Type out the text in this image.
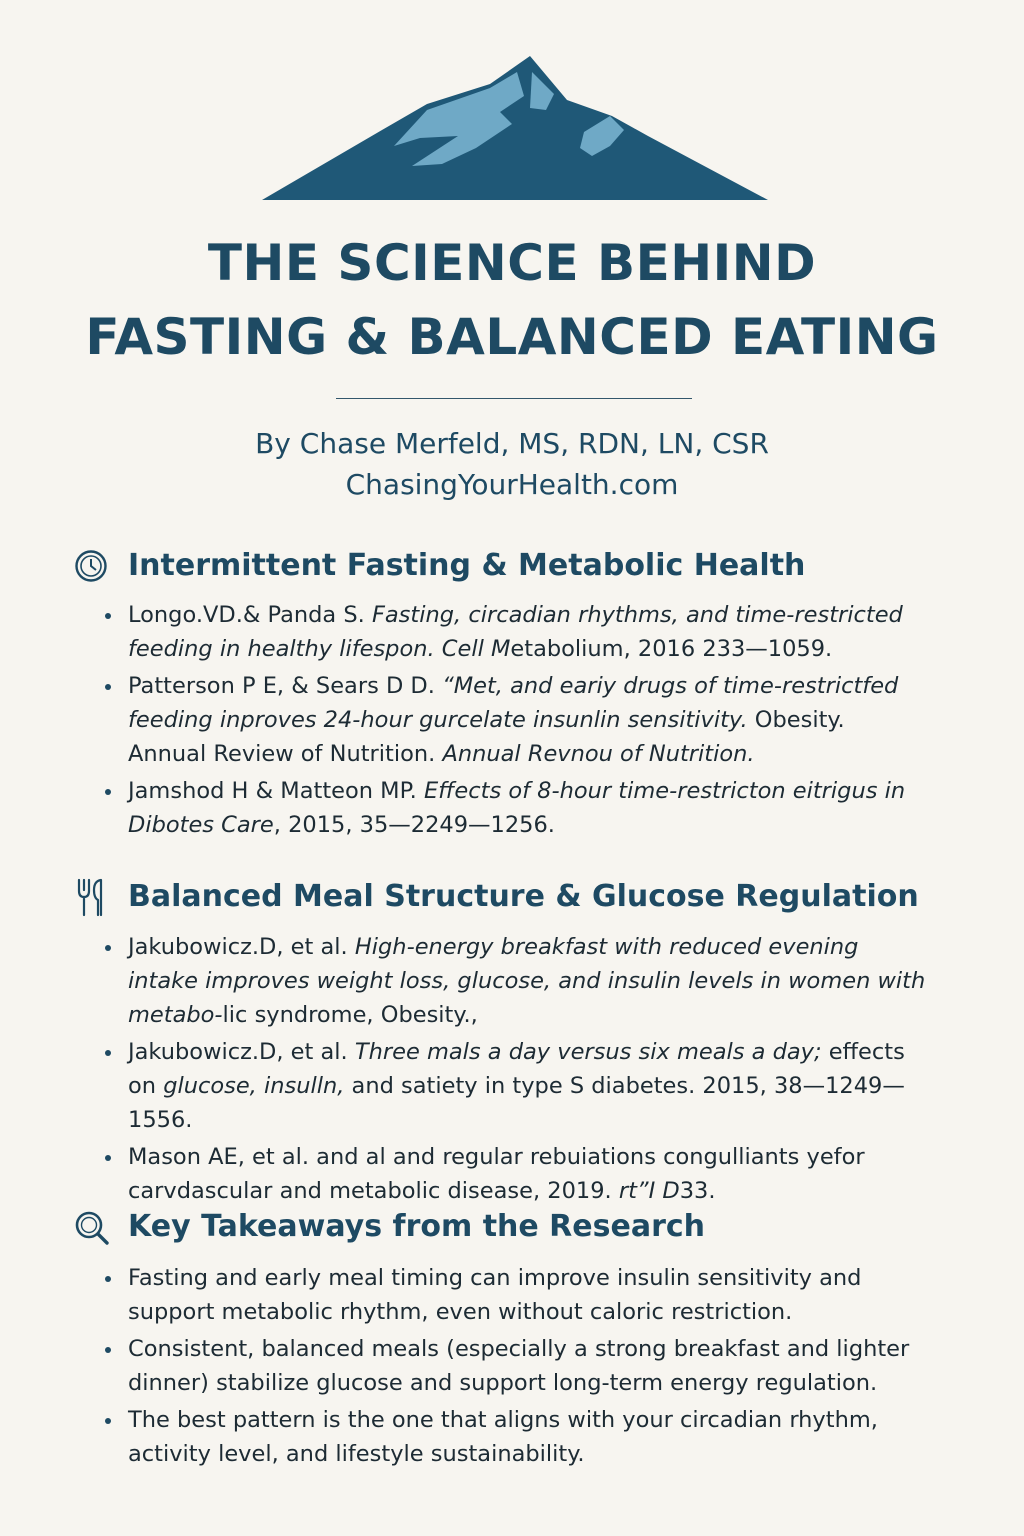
THE SCIENCE BEHIND
FASTING & BALANCED EATING
By Chase Merfeld, MS, RDN, LN, CSR
ChasingYourHealth.com
Intermittent Fasting & Metabolic Health
Longo.VD.& Panda S. Fasting, circadian rhythms, and time-restricted feeding in healthy lifespon. Cell Metabolium, 2016 233—1059.
Patterson P E, & Sears D D. “Met, and eariy drugs of time-restrictfed feeding inproves 24-hour gurcelate insunlin sensitivity. Obesity. Annual Review of Nutrition. Annual Revnou of Nutrition.
Jamshod H & Matteon MP. Effects of 8-hour time-restricton eitrigus in Dibotes Care, 2015, 35—2249—1256.
Balanced Meal Structure & Glucose Regulation
Jakubowicz.D, et al. High-energy breakfast with reduced evening intake improves weight loss, glucose, and insulin levels in women with metabo-lic syndrome, Obesity.,
Jakubowicz.D, et al. Three mals a day versus six meals a day; effects on glucose, insulln, and satiety in type S diabetes. 2015, 38—1249—1556.
Mason AE, et al. and al and regular rebuiations congulliants yefor carvdascular and metabolic disease, 2019. rt”I D33.
Key Takeaways from the Research
Fasting and early meal timing can improve insulin sensitivity and support metabolic rhythm, even without caloric restriction.
Consistent, balanced meals (especially a strong breakfast and lighter dinner) stabilize glucose and support long-term energy regulation.
The best pattern is the one that aligns with your circadian rhythm, activity level, and lifestyle sustainability.
